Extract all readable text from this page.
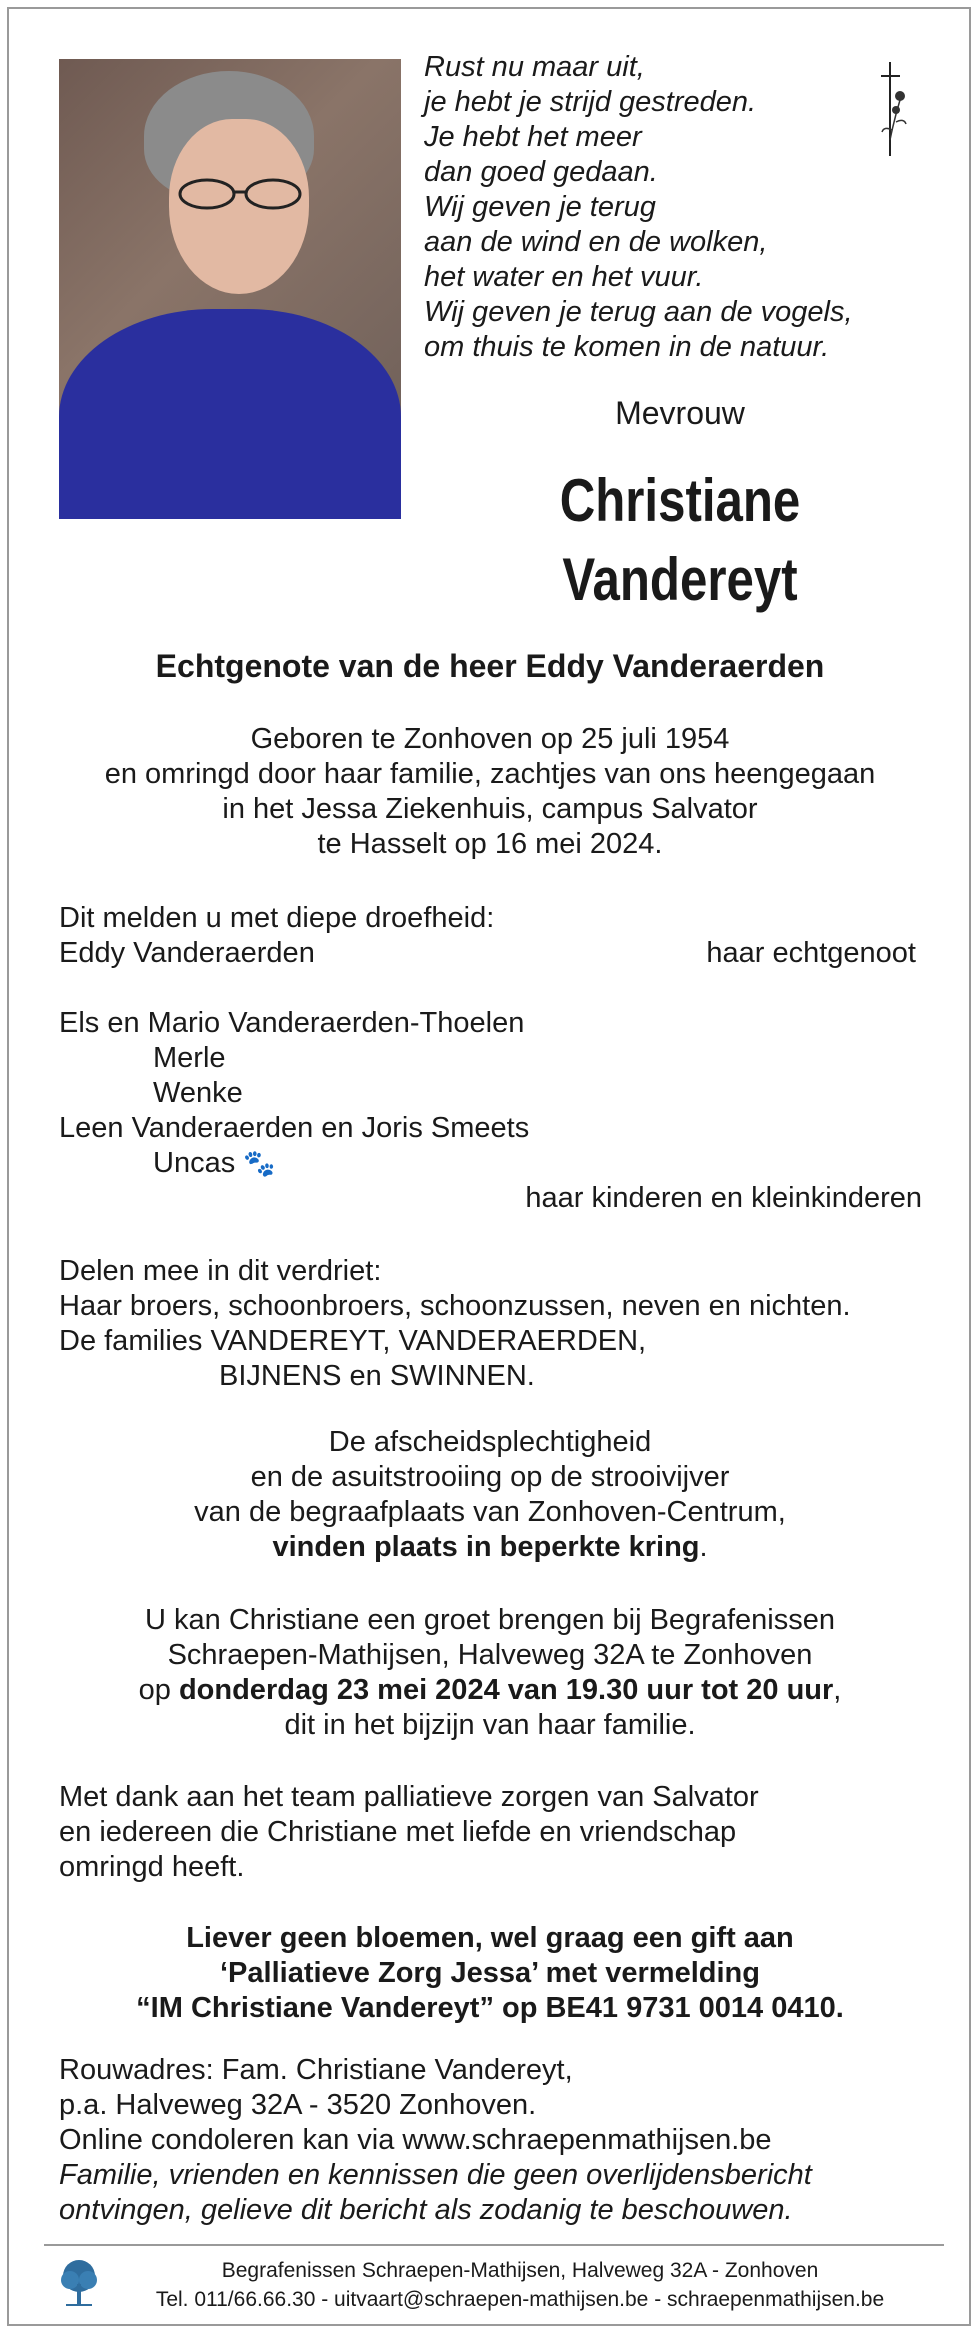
Rust nu maar uit,
je hebt je strijd gestreden.
Je hebt het meer
dan goed gedaan.
Wij geven je terug
aan de wind en de wolken,
het water en het vuur.
Wij geven je terug aan de vogels,
om thuis te komen in de natuur.
Mevrouw
Christiane
Vandereyt
Echtgenote van de heer Eddy Vanderaerden
Geboren te Zonhoven op 25 juli 1954
en omringd door haar familie, zachtjes van ons heengegaan
in het Jessa Ziekenhuis, campus Salvator
te Hasselt op 16 mei 2024.
Dit melden u met diepe droefheid:
Eddy Vanderaerden	haar echtgenoot
Els en Mario Vanderaerden-Thoelen
Merle
Wenke
Leen Vanderaerden en Joris Smeets
Uncas 🐾
haar kinderen en kleinkinderen
Delen mee in dit verdriet:
Haar broers, schoonbroers, schoonzussen, neven en nichten.
De families VANDEREYT, VANDERAERDEN,
BIJNENS en SWINNEN.
De afscheidsplechtigheid
en de asuitstrooiing op de strooivijver
van de begraafplaats van Zonhoven-Centrum,
vinden plaats in beperkte kring.
U kan Christiane een groet brengen bij Begrafenissen
Schraepen-Mathijsen, Halveweg 32A te Zonhoven
op donderdag 23 mei 2024 van 19.30 uur tot 20 uur,
dit in het bijzijn van haar familie.
Met dank aan het team palliatieve zorgen van Salvator
en iedereen die Christiane met liefde en vriendschap
omringd heeft.
Liever geen bloemen, wel graag een gift aan
‘Palliatieve Zorg Jessa’ met vermelding
“IM Christiane Vandereyt” op BE41 9731 0014 0410.
Rouwadres: Fam. Christiane Vandereyt,
p.a. Halveweg 32A - 3520 Zonhoven.
Online condoleren kan via www.schraepenmathijsen.be
Familie, vrienden en kennissen die geen overlijdensbericht
ontvingen, gelieve dit bericht als zodanig te beschouwen.
Begrafenissen Schraepen-Mathijsen, Halveweg 32A - Zonhoven
Tel. 011/66.66.30 - uitvaart@schraepen-mathijsen.be - schraepenmathijsen.be
